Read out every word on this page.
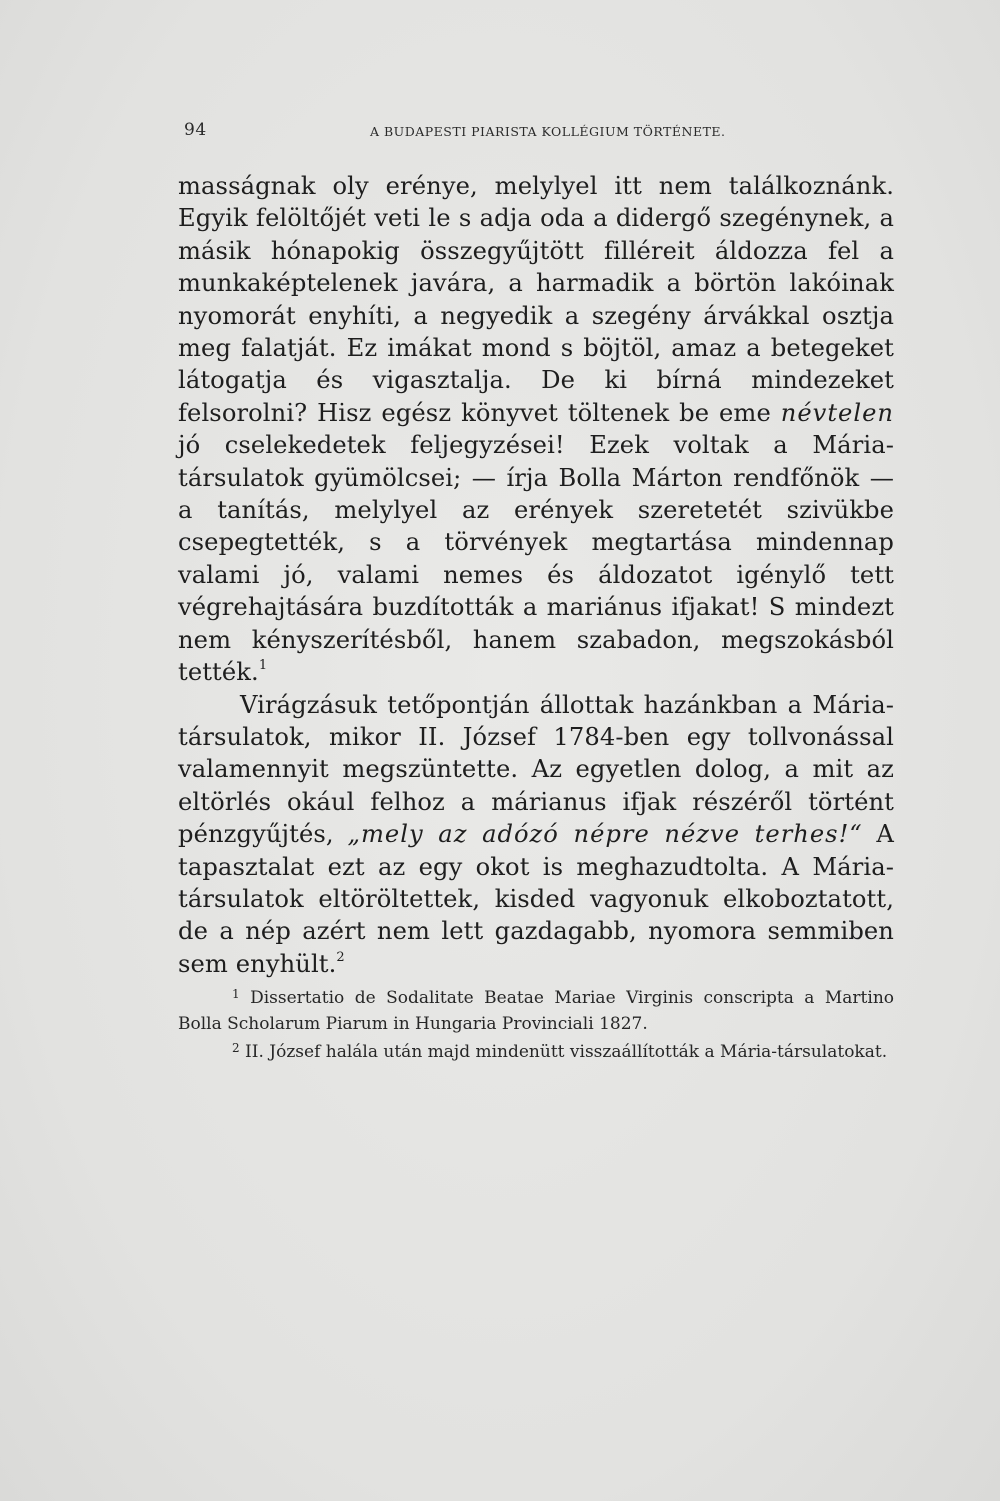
94	A BUDAPESTI PIARISTA KOLLÉGIUM TÖRTÉNETE.

masságnak oly erénye, melylyel itt nem találkoznánk. Egyik felöltőjét veti le s adja oda a didergő szegénynek, a másik hónapokig összegyűjtött filléreit áldozza fel a munkaképtelenek javára, a harmadik a börtön lakóinak nyomorát enyhíti, a negyedik a szegény árvákkal osztja meg falatját. Ez imákat mond s böjtöl, amaz a betegeket látogatja és vigasztalja. De ki bírná mindezeket felsorolni? Hisz egész könyvet töltenek be eme névtelen jó cselekedetek feljegyzései! Ezek voltak a Mária-társulatok gyümölcsei; — írja Bolla Márton rendfőnök — a tanítás, melylyel az erények szeretetét szivükbe csepegtették, s a törvények megtartása mindennap valami jó, valami nemes és áldozatot igénylő tett végrehajtására buzdították a mariánus ifjakat! S mindezt nem kényszerítésből, hanem szabadon, megszokásból tették.$^1$

Virágzásuk tetőpontján állottak hazánkban a Mária-társulatok, mikor II. József 1784-ben egy tollvonással valamennyit megszüntette. Az egyetlen dolog, a mit az eltörlés okául felhoz a márianus ifjak részéről történt pénzgyűjtés, „mely az adózó népre nézve terhes!“ A tapasztalat ezt az egy okot is meghazudtolta. A Mária-társulatok eltöröltettek, kisded vagyonuk elkoboztatott, de a nép azért nem lett gazdagabb, nyomora semmiben sem enyhült.$^2$

$^1$ Dissertatio de Sodalitate Beatae Mariae Virginis conscripta a Martino Bolla Scholarum Piarum in Hungaria Provinciali 1827.

$^2$ II. József halála után majd mindenütt visszaállították a Mária-társulatokat.
